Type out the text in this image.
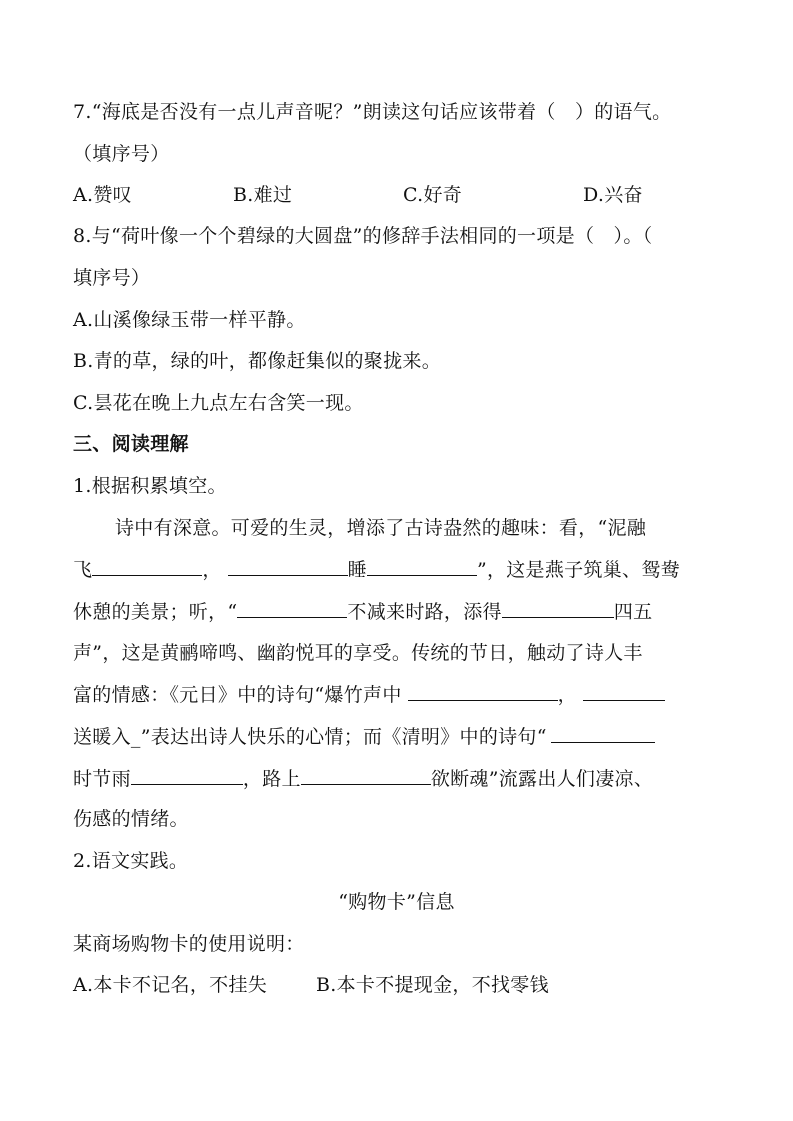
7.“海底是否没有一点儿声音呢？”朗读这句话应该带着（　）的语气。
（填序号）
A.赞叹	B.难过	C.好奇	D.兴奋
8.与“荷叶像一个个碧绿的大圆盘”的修辞手法相同的一项是（　）。（
填序号）
A.山溪像绿玉带一样平静。
B.青的草，绿的叶，都像赶集似的聚拢来。
C.昙花在晚上九点左右含笑一现。
三、阅读理解
1.根据积累填空。
诗中有深意。可爱的生灵，增添了古诗盎然的趣味：看，“泥融
飞	，	睡	”，这是燕子筑巢、鸳鸯
休憩的美景；听，“	不减来时路，添得	四五
声”，这是黄鹂啼鸣、幽韵悦耳的享受。传统的节日，触动了诗人丰
富的情感：《元日》中的诗句“爆竹声中	，
送暖入_”表达出诗人快乐的心情；而《清明》中的诗句“
时节雨	，路上	欲断魂”流露出人们凄凉、
伤感的情绪。
2.语文实践。
“购物卡”信息
某商场购物卡的使用说明：
A.本卡不记名，不挂失	B.本卡不提现金，不找零钱
